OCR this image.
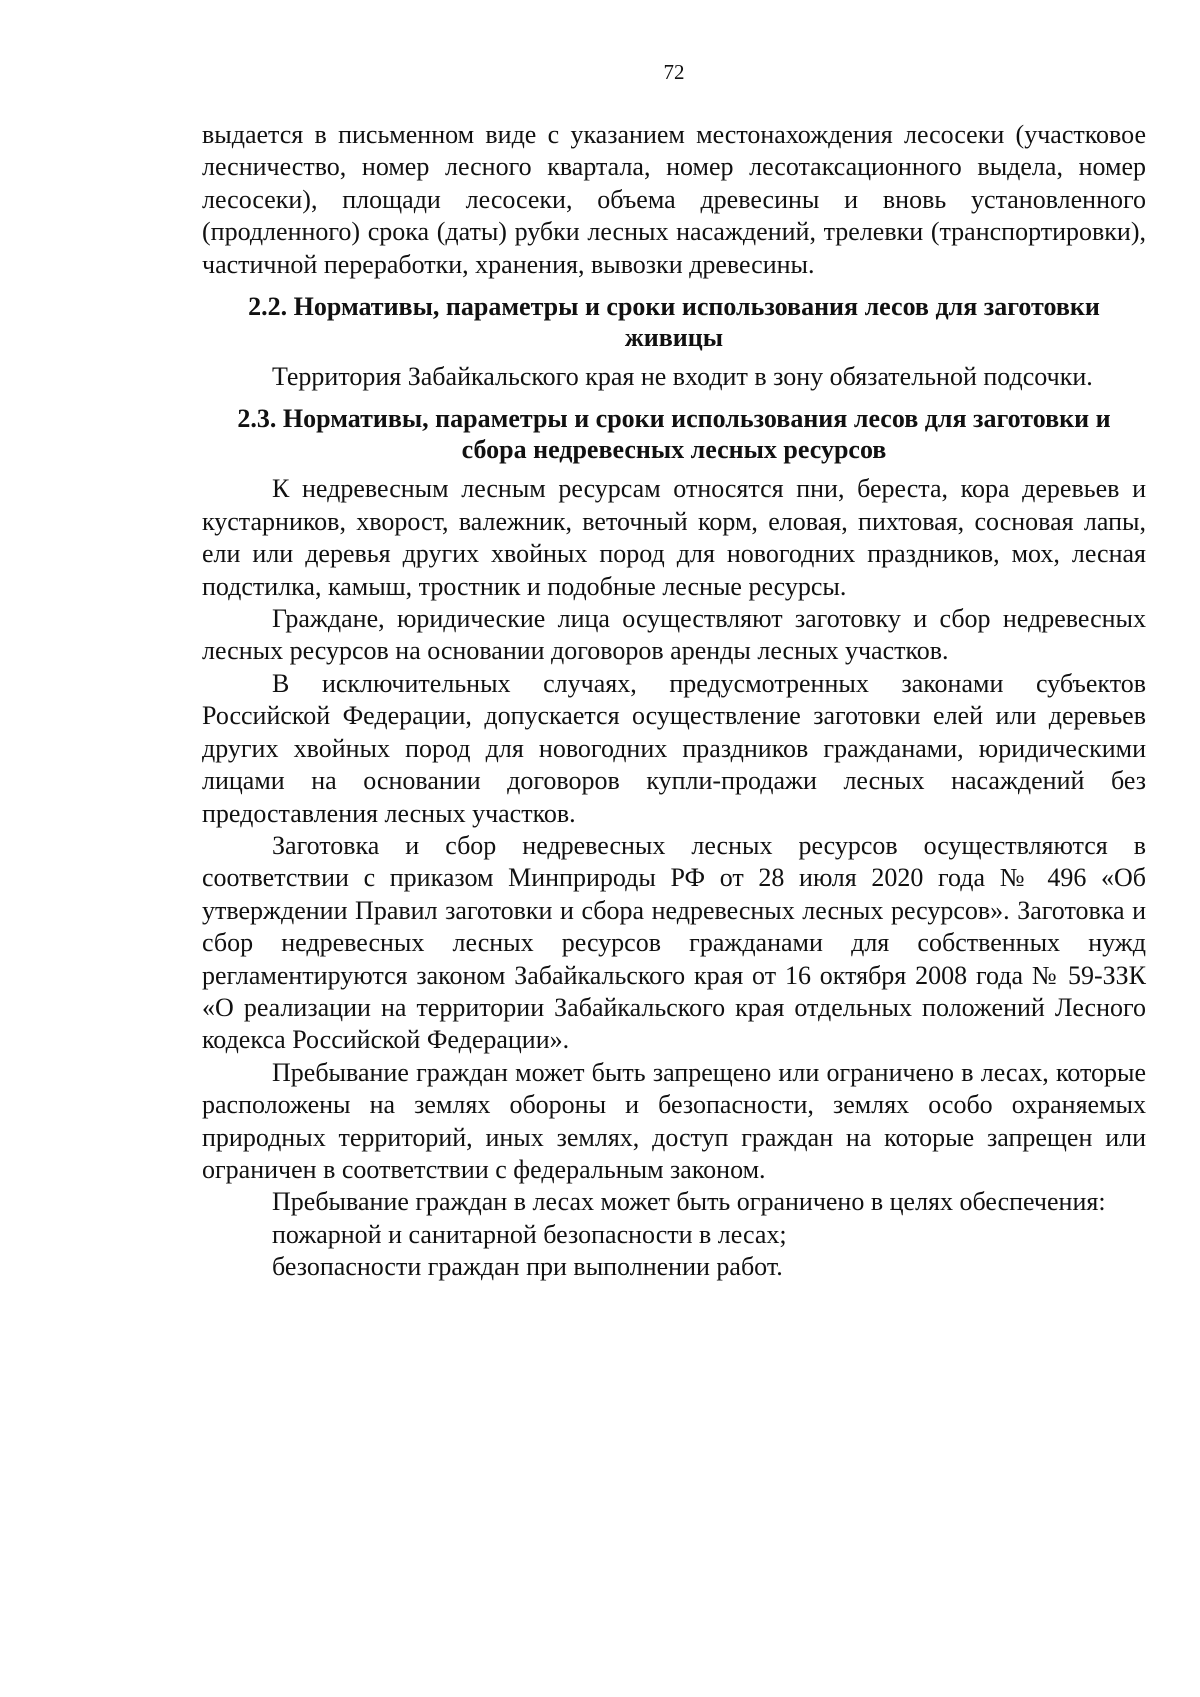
72

выдается в письменном виде с указанием местонахождения лесосеки (участковое лесничество, номер лесного квартала, номер лесотаксационного выдела, номер лесосеки), площади лесосеки, объема древесины и вновь установленного (продленного) срока (даты) рубки лесных насаждений, трелевки (транспортировки), частичной переработки, хранения, вывозки древесины.

2.2. Нормативы, параметры и сроки использования лесов для заготовки живицы

Территория Забайкальского края не входит в зону обязательной подсочки.

2.3. Нормативы, параметры и сроки использования лесов для заготовки и сбора недревесных лесных ресурсов

К недревесным лесным ресурсам относятся пни, береста, кора деревьев и кустарников, хворост, валежник, веточный корм, еловая, пихтовая, сосновая лапы, ели или деревья других хвойных пород для новогодних праздников, мох, лесная подстилка, камыш, тростник и подобные лесные ресурсы.

Граждане, юридические лица осуществляют заготовку и сбор недревесных лесных ресурсов на основании договоров аренды лесных участков.

В исключительных случаях, предусмотренных законами субъектов Российской Федерации, допускается осуществление заготовки елей или деревьев других хвойных пород для новогодних праздников гражданами, юридическими лицами на основании договоров купли-продажи лесных насаждений без предоставления лесных участков.

Заготовка и сбор недревесных лесных ресурсов осуществляются в соответствии с приказом Минприроды РФ от 28 июля 2020 года № 496 «Об утверждении Правил заготовки и сбора недревесных лесных ресурсов». Заготовка и сбор недревесных лесных ресурсов гражданами для собственных нужд регламентируются законом Забайкальского края от 16 октября 2008 года № 59-ЗЗК «О реализации на территории Забайкальского края отдельных положений Лесного кодекса Российской Федерации».

Пребывание граждан может быть запрещено или ограничено в лесах, которые расположены на землях обороны и безопасности, землях особо охраняемых природных территорий, иных землях, доступ граждан на которые запрещен или ограничен в соответствии с федеральным законом.

Пребывание граждан в лесах может быть ограничено в целях обеспечения:

пожарной и санитарной безопасности в лесах;

безопасности граждан при выполнении работ.
